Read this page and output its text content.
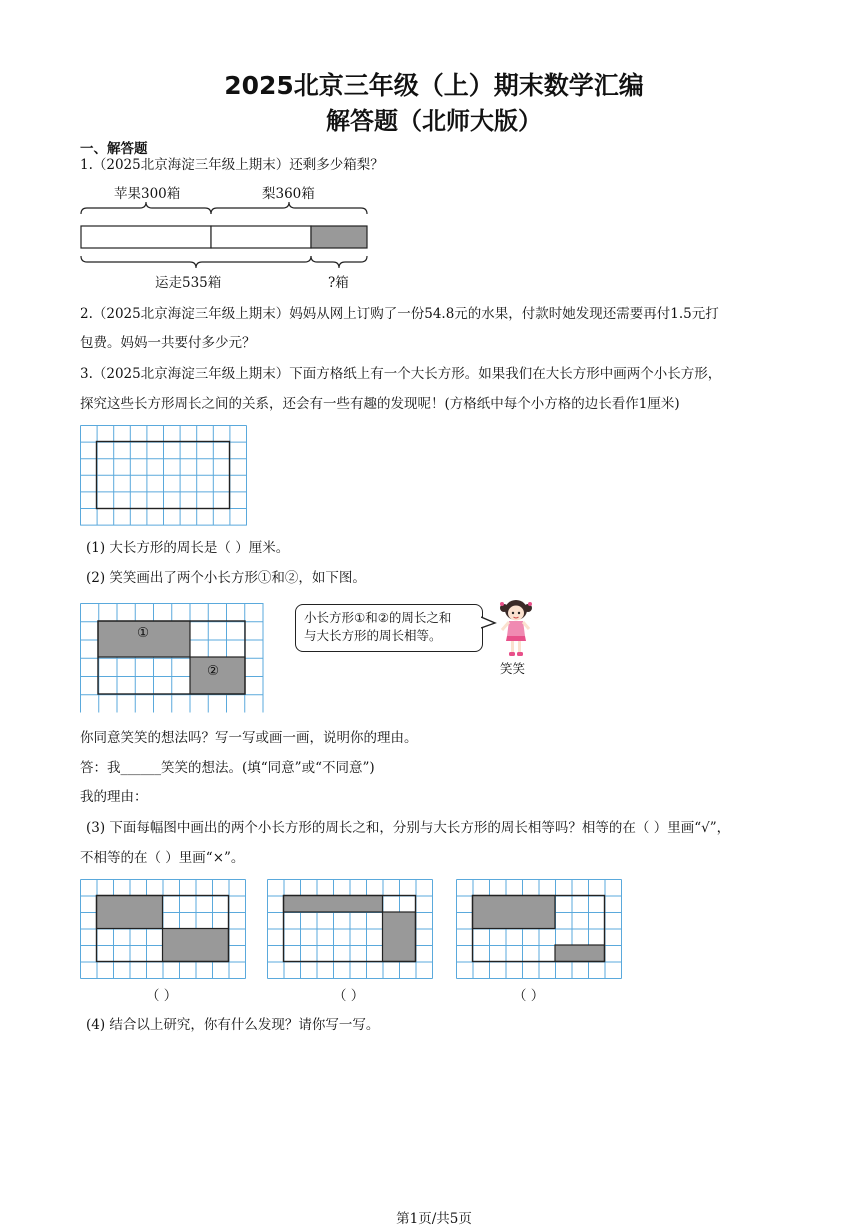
2025北京三年级（上）期末数学汇编
解答题（北师大版）
一、解答题
1.（2025北京海淀三年级上期末）还剩多少箱梨？
苹果300箱	梨360箱
运走535箱	?箱
2.（2025北京海淀三年级上期末）妈妈从网上订购了一份54.8元的水果，付款时她发现还需要再付1.5元打
包费。妈妈一共要付多少元？
3.（2025北京海淀三年级上期末）下面方格纸上有一个大长方形。如果我们在大长方形中画两个小长方形，
探究这些长方形周长之间的关系，还会有一些有趣的发现呢！(方格纸中每个小方格的边长看作1厘米)
(1) 大长方形的周长是（ ）厘米。
(2) 笑笑画出了两个小长方形①和②，如下图。
①
②
小长方形①和②的周长之和
与大长方形的周长相等。
笑笑
你同意笑笑的想法吗？写一写或画一画，说明你的理由。
答：我______笑笑的想法。(填“同意”或“不同意”)
我的理由：
(3) 下面每幅图中画出的两个小长方形的周长之和，分别与大长方形的周长相等吗？相等的在（ ）里画“√”，
不相等的在（ ）里画“×”。
（ ）	（ ）	（ ）
(4) 结合以上研究，你有什么发现？请你写一写。
第1页/共5页
